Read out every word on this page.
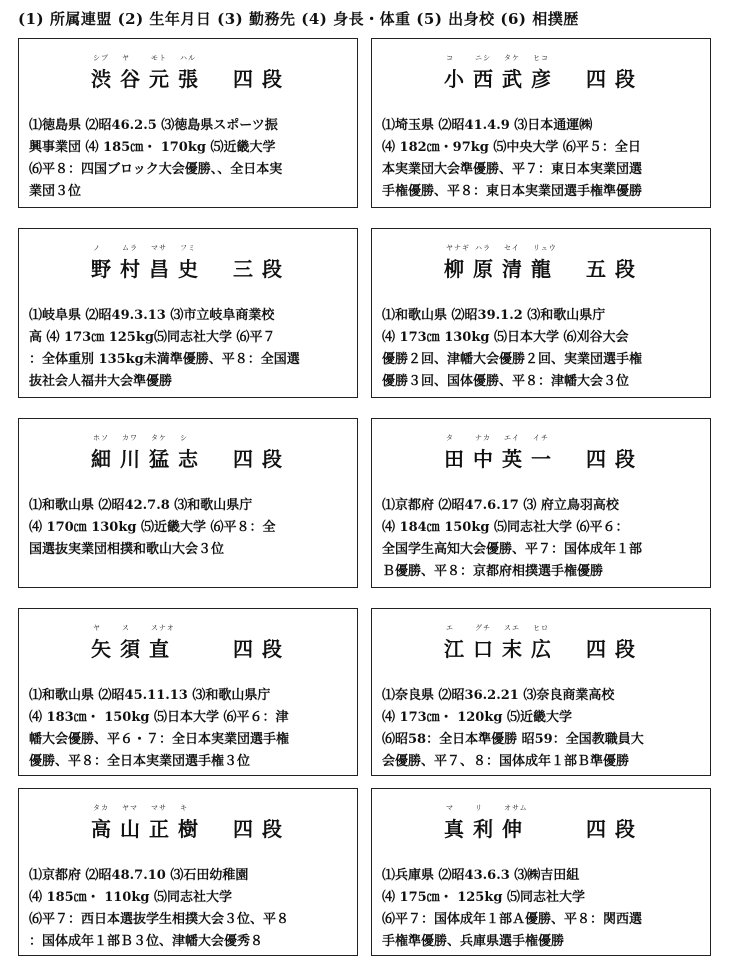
(1) 所属連盟 (2) 生年月日 (3) 勤務先 (4) 身長・体重 (5) 出身校 (6) 相撲歴
シブ ヤ	モト ハル
渋谷元張 四段
⑴徳島県 ⑵昭46.2.5 ⑶徳島県スポーツ振
興事業団 ⑷ 185㎝・ 170kg ⑸近畿大学
⑹平８：四国ブロック大会優勝、、全日本実
業団３位
コ	ニシ タケ ヒコ
小西武彦 四段
⑴埼玉県 ⑵昭41.4.9 ⑶日本通運㈱
⑷ 182㎝・97kg ⑸中央大学 ⑹平５：全日
本実業団大会準優勝、平７：東日本実業団選
手権優勝、平８：東日本実業団選手権準優勝
ノ	ムラ マサ フミ
野村昌史 三段
⑴岐阜県 ⑵昭49.3.13 ⑶市立岐阜商業校
高 ⑷ 173㎝ 125kg⑸同志社大学 ⑹平７
：全体重別 135kg未満準優勝、平８：全国選
抜社会人福井大会準優勝
ヤナギ ハラ セイ リュウ
柳原清龍 五段
⑴和歌山県 ⑵昭39.1.2 ⑶和歌山県庁
⑷ 173㎝ 130kg ⑸日本大学 ⑹刈谷大会
優勝２回、津幡大会優勝２回、実業団選手権
優勝３回、国体優勝、平８：津幡大会３位
ホソ カワ タケ シ
細川猛志 四段
⑴和歌山県 ⑵昭42.7.8 ⑶和歌山県庁
⑷ 170㎝ 130kg ⑸近畿大学 ⑹平８：全
国選抜実業団相撲和歌山大会３位
タ	ナカ エイ イチ
田中英一 四段
⑴京都府 ⑵昭47.6.17 ⑶ 府立鳥羽高校
⑷ 184㎝ 150kg ⑸同志社大学 ⑹平６：
全国学生高知大会優勝、平７：国体成年１部
Ｂ優勝、平８：京都府相撲選手権優勝
ヤ	ス	スナオ
矢須直	四段
⑴和歌山県 ⑵昭45.11.13 ⑶和歌山県庁
⑷ 183㎝・ 150kg ⑸日本大学 ⑹平６：津
幡大会優勝、平６・７：全日本実業団選手権
優勝、平８：全日本実業団選手権３位
エ	グチ スエ ヒロ
江口末広 四段
⑴奈良県 ⑵昭36.2.21 ⑶奈良商業高校
⑷ 173㎝・ 120kg ⑸近畿大学
⑹昭58：全日本準優勝 昭59：全国教職員大
会優勝、平７、８：国体成年１部Ｂ準優勝
タカ ヤマ マサ キ
高山正樹 四段
⑴京都府 ⑵昭48.7.10 ⑶石田幼稚園
⑷ 185㎝・ 110kg ⑸同志社大学
⑹平７：西日本選抜学生相撲大会３位、平８
：国体成年１部Ｂ３位、津幡大会優秀８
マ	リ	オサム
真利伸	四段
⑴兵庫県 ⑵昭43.6.3 ⑶㈱吉田組
⑷ 175㎝・ 125kg ⑸同志社大学
⑹平７：国体成年１部Ａ優勝、平８：関西選
手権準優勝、兵庫県選手権優勝
